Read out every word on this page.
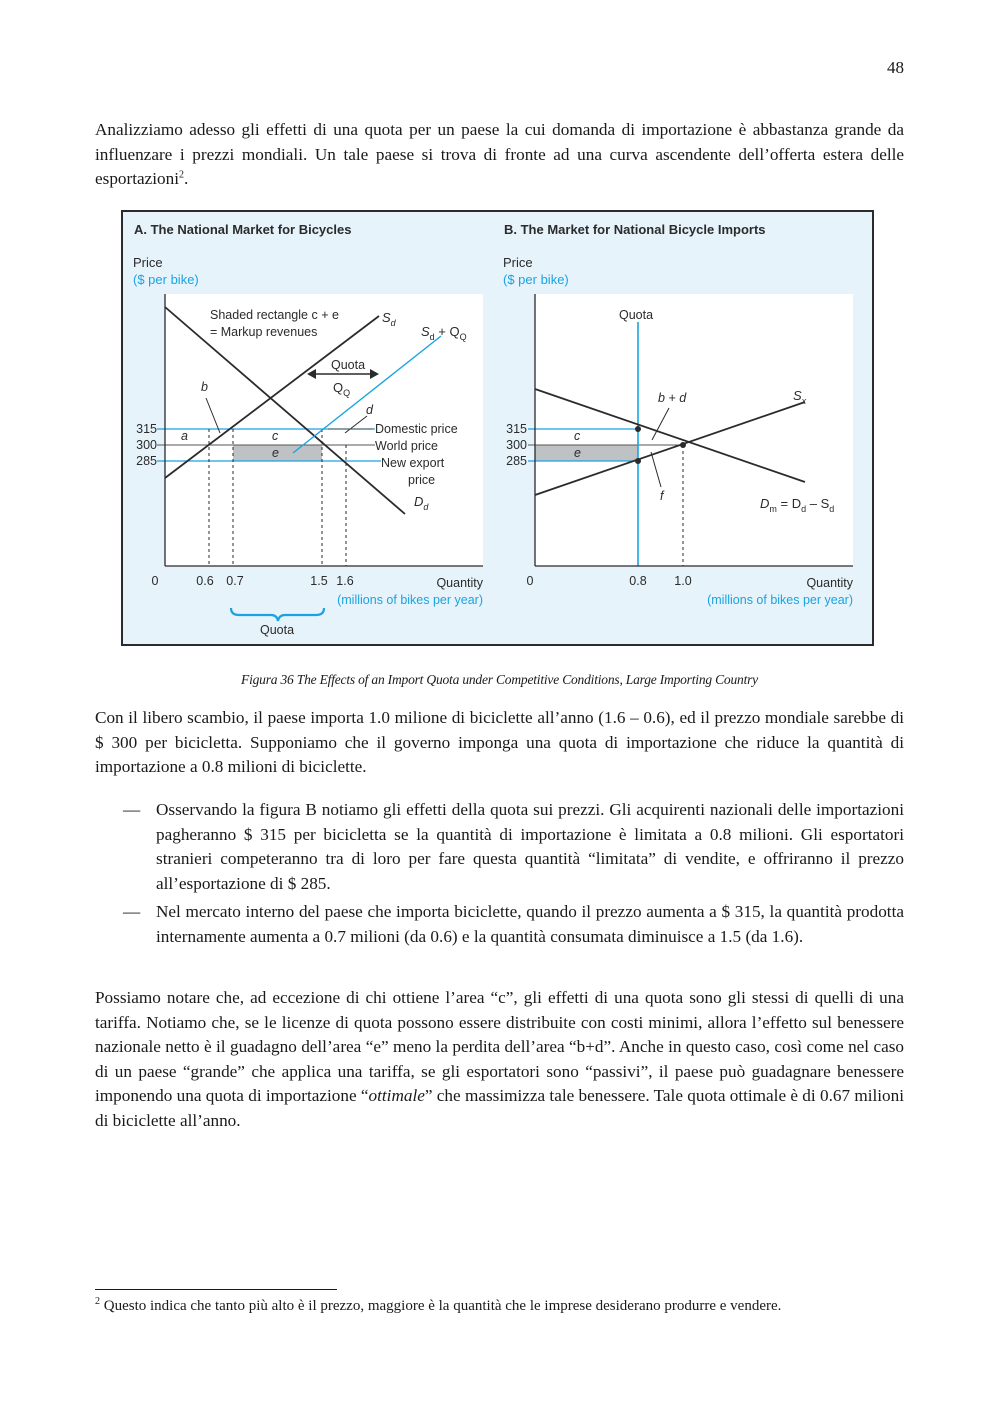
48

Analizziamo adesso gli effetti di una quota per un paese la cui domanda di importazione è abbastanza grande da influenzare i prezzi mondiali. Un tale paese si trova di fronte ad una curva ascendente dell’offerta estera delle esportazioni$^2$.

A. The National Market for Bicycles
Price
($ per bike)
Shaded rectangle c + e
= Markup revenues
$S_d$
$S_d + Q_Q$
Quota
$Q_Q$
b
a	c
e
d
Domestic price
World price
New export
price
$D_d$
315
300
285
0	0.6 0.7	1.5 1.6	Quantity
(millions of bikes per year)
Quota
B. The Market for National Bicycle Imports
Price
($ per bike)
Quota
b + d	$S_x$
c
e
f	$D_m = D_d - S_d$
315
300
285
0	0.8 1.0	Quantity
(millions of bikes per year)
Figura 36 The Effects of an Import Quota under Competitive Conditions, Large Importing Country

Con il libero scambio, il paese importa 1.0 milione di biciclette all’anno (1.6 – 0.6), ed il prezzo mondiale sarebbe di $ 300 per bicicletta. Supponiamo che il governo imponga una quota di importazione che riduce la quantità di importazione a 0.8 milioni di biciclette.

— Osservando la figura B notiamo gli effetti della quota sui prezzi. Gli acquirenti nazionali delle importazioni pagheranno $ 315 per bicicletta se la quantità di importazione è limitata a 0.8 milioni. Gli esportatori stranieri competeranno tra di loro per fare questa quantità “limitata” di vendite, e offriranno il prezzo all’esportazione di $ 285.
— Nel mercato interno del paese che importa biciclette, quando il prezzo aumenta a $ 315, la quantità prodotta internamente aumenta a 0.7 milioni (da 0.6) e la quantità consumata diminuisce a 1.5 (da 1.6).

Possiamo notare che, ad eccezione di chi ottiene l’area “c”, gli effetti di una quota sono gli stessi di quelli di una tariffa. Notiamo che, se le licenze di quota possono essere distribuite con costi minimi, allora l’effetto sul benessere nazionale netto è il guadagno dell’area “e” meno la perdita dell’area “b+d”. Anche in questo caso, così come nel caso di un paese “grande” che applica una tariffa, se gli esportatori sono “passivi”, il paese può guadagnare benessere imponendo una quota di importazione “ottimale” che massimizza tale benessere. Tale quota ottimale è di 0.67 milioni di biciclette all’anno.

$^2$ Questo indica che tanto più alto è il prezzo, maggiore è la quantità che le imprese desiderano produrre e vendere.
